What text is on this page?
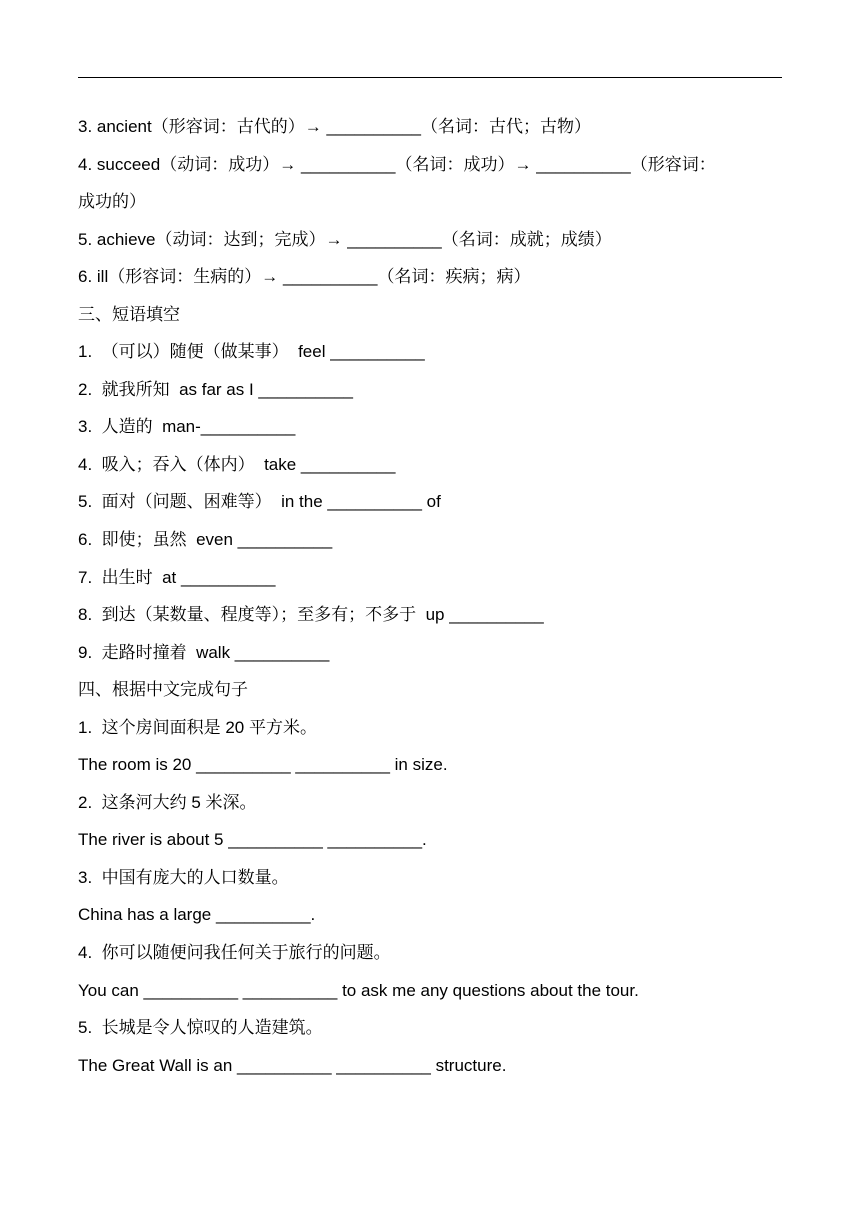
3. ancient（形容词：古代的）→ __________（名词：古代；古物）
4. succeed（动词：成功）→ __________（名词：成功）→ __________（形容词：
成功的）
5. achieve（动词：达到；完成）→ __________（名词：成就；成绩）
6. ill（形容词：生病的）→ __________（名词：疾病；病）
三、短语填空
1.  （可以）随便（做某事）  feel __________
2.  就我所知  as far as I __________
3.  人造的  man-__________
4.  吸入；吞入（体内）  take __________
5.  面对（问题、困难等）  in the __________ of
6.  即使；虽然  even __________
7.  出生时  at __________
8.  到达（某数量、程度等）；至多有；不多于  up __________
9.  走路时撞着  walk __________
四、根据中文完成句子
1.  这个房间面积是 20 平方米。
The room is 20 __________ __________ in size.
2.  这条河大约 5 米深。
The river is about 5 __________ __________.
3.  中国有庞大的人口数量。
China has a large __________.
4.  你可以随便问我任何关于旅行的问题。
You can __________ __________ to ask me any questions about the tour.
5.  长城是令人惊叹的人造建筑。
The Great Wall is an __________ __________ structure.
